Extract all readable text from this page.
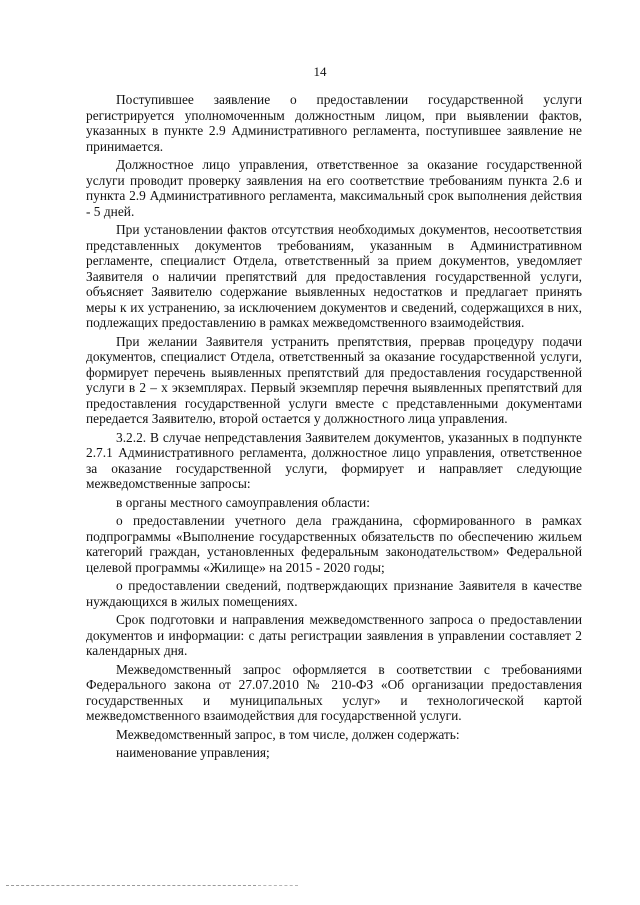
14

Поступившее заявление о предоставлении государственной услуги регистрируется уполномоченным должностным лицом, при выявлении фактов, указанных в пункте 2.9 Административного регламента, поступившее заявление не принимается.

Должностное лицо управления, ответственное за оказание государственной услуги проводит проверку заявления на его соответствие требованиям пункта 2.6 и пункта 2.9 Административного регламента, максимальный срок выполнения действия - 5 дней.

При установлении фактов отсутствия необходимых документов, несоответствия представленных документов требованиям, указанным в Административном регламенте, специалист Отдела, ответственный за прием документов, уведомляет Заявителя о наличии препятствий для предоставления государственной услуги, объясняет Заявителю содержание выявленных недостатков и предлагает принять меры к их устранению, за исключением документов и сведений, содержащихся в них, подлежащих предоставлению в рамках межведомственного взаимодействия.

При желании Заявителя устранить препятствия, прервав процедуру подачи документов, специалист Отдела, ответственный за оказание государственной услуги, формирует перечень выявленных препятствий для предоставления государственной услуги в 2 – х экземплярах. Первый экземпляр перечня выявленных препятствий для предоставления государственной услуги вместе с представленными документами передается Заявителю, второй остается у должностного лица управления.

3.2.2. В случае непредставления Заявителем документов, указанных в подпункте 2.7.1 Административного регламента, должностное лицо управления, ответственное за оказание государственной услуги, формирует и направляет следующие межведомственные запросы:

в органы местного самоуправления области:

о предоставлении учетного дела гражданина, сформированного в рамках подпрограммы «Выполнение государственных обязательств по обеспечению жильем категорий граждан, установленных федеральным законодательством» Федеральной целевой программы «Жилище» на 2015 - 2020 годы;

о предоставлении сведений, подтверждающих признание Заявителя в качестве нуждающихся в жилых помещениях.

Срок подготовки и направления межведомственного запроса о предоставлении документов и информации: с даты регистрации заявления в управлении составляет 2 календарных дня.

Межведомственный запрос оформляется в соответствии с требованиями Федерального закона от 27.07.2010 № 210-ФЗ «Об организации предоставления государственных и муниципальных услуг» и технологической картой межведомственного взаимодействия для государственной услуги.

Межведомственный запрос, в том числе, должен содержать:

наименование управления;
